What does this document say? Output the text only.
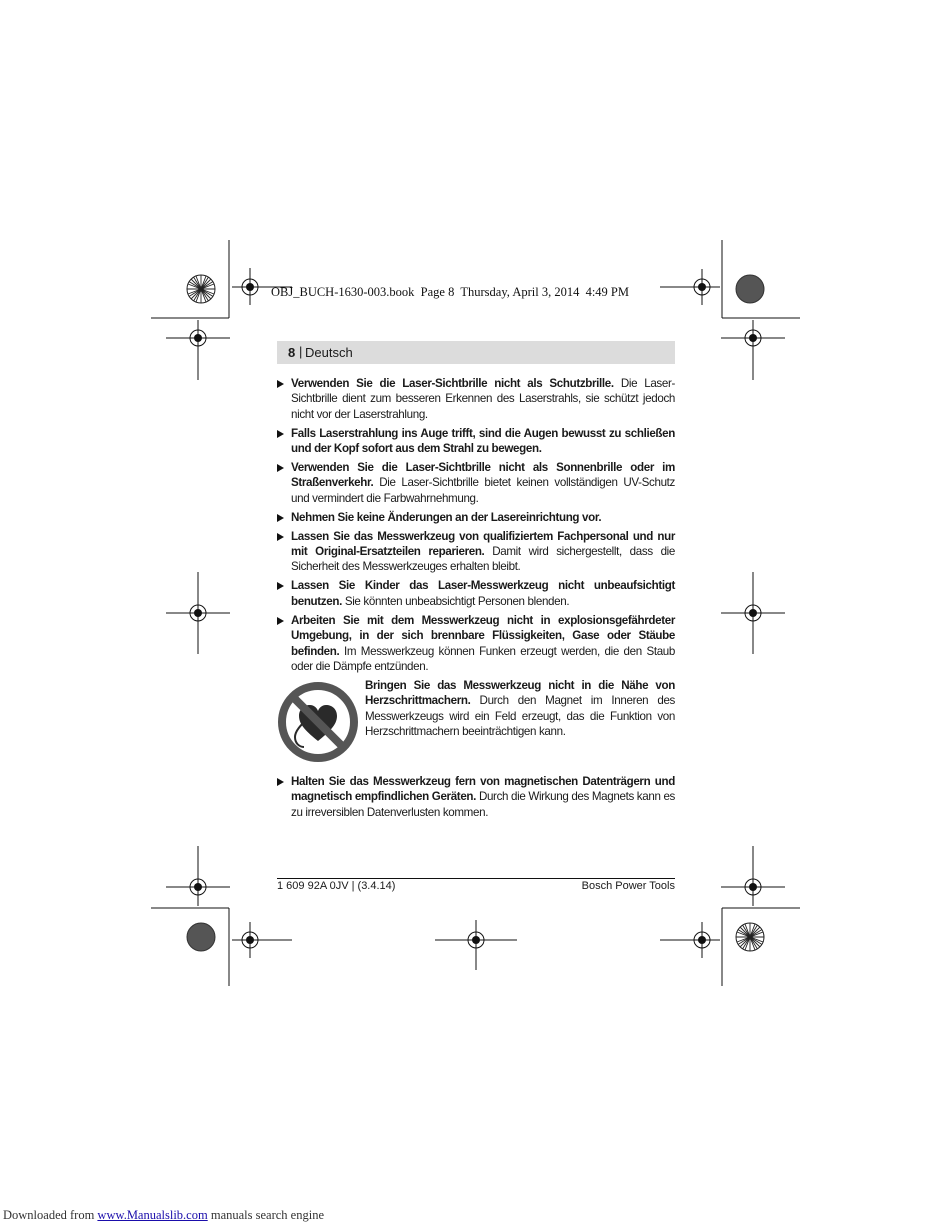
OBJ_BUCH-1630-003.book  Page 8  Thursday, April 3, 2014  4:49 PM
8 | Deutsch
Verwenden Sie die Laser-Sichtbrille nicht als Schutzbrille. Die Laser-Sichtbrille dient zum besseren Erkennen des Laserstrahls, sie schützt jedoch nicht vor der Laserstrahlung.
Falls Laserstrahlung ins Auge trifft, sind die Augen bewusst zu schließen und der Kopf sofort aus dem Strahl zu bewegen.
Verwenden Sie die Laser-Sichtbrille nicht als Sonnenbrille oder im Straßenverkehr. Die Laser-Sichtbrille bietet keinen vollständigen UV-Schutz und vermindert die Farbwahrnehmung.
Nehmen Sie keine Änderungen an der Lasereinrichtung vor.
Lassen Sie das Messwerkzeug von qualifiziertem Fachpersonal und nur mit Original-Ersatzteilen reparieren. Damit wird sichergestellt, dass die Sicherheit des Messwerkzeuges erhalten bleibt.
Lassen Sie Kinder das Laser-Messwerkzeug nicht unbeaufsichtigt benutzen. Sie könnten unbeabsichtigt Personen blenden.
Arbeiten Sie mit dem Messwerkzeug nicht in explosionsgefährdeter Umgebung, in der sich brennbare Flüssigkeiten, Gase oder Stäube befinden. Im Messwerkzeug können Funken erzeugt werden, die den Staub oder die Dämpfe entzünden.
Bringen Sie das Messwerkzeug nicht in die Nähe von Herzschrittmachern. Durch den Magnet im Inneren des Messwerkzeugs wird ein Feld erzeugt, das die Funktion von Herzschrittmachern beeinträchtigen kann.
Halten Sie das Messwerkzeug fern von magnetischen Datenträgern und magnetisch empfindlichen Geräten. Durch die Wirkung des Magnets kann es zu irreversiblen Datenverlusten kommen.
1 609 92A 0JV | (3.4.14)	Bosch Power Tools
Downloaded from www.Manualslib.com manuals search engine
